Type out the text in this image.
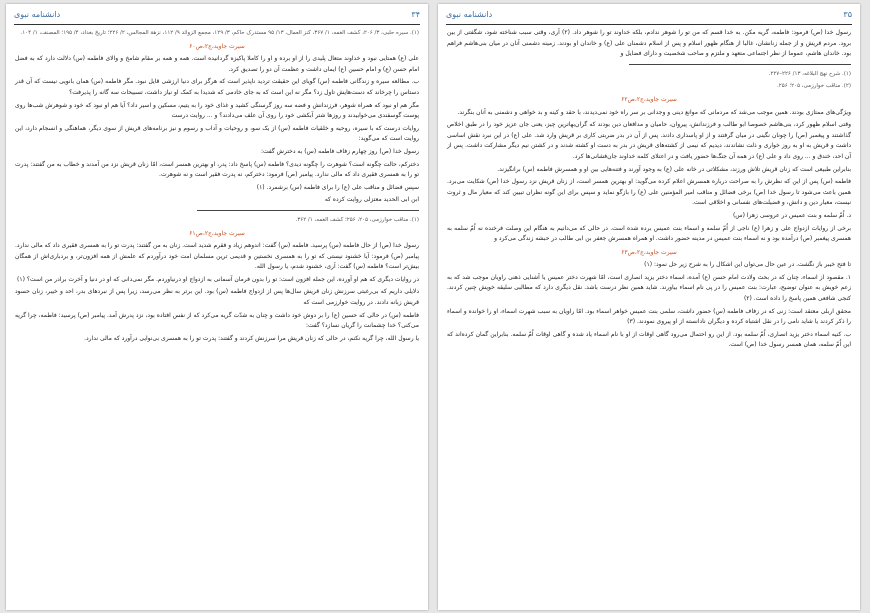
۳۴
دانشنامه نبوی

(۱). سیره حلبی، ۳/ ۲۰۶، کشف الغمه، ۱/ ۳۶۷، کنز العمال، ۱۳/ ۹۵ مستدرک حاکم، ۳/ ۱۲۹، مجمع الزوائد ۹/ ۱۱۲، نزهة المجالس، ۲/ ۲۲۶؛ تاریخ بغداد، ۴/ ۱۹۵؛ المصنف، ۱/ ۱۰۴.

سیرت جاوید،ج۲،ص۶۰

علی (ع) همتایی نبود و خداوند متعال پلیدی را از او برده و او را کاملا پاکیزه گردانیده است. همه و همه بر مقام شامخ و والای فاطمه (س) دلالت دارد که به فضل امام حسن (ع) و امام حسین (ع) ایمان داشت و عظمت آن دو را تصدیق کرد.

ب. مطالعه سیره و زندگانی فاطمه (س) گویای این حقیقت تردید ناپذیر است که هرگز برای دنیا ارزشی قایل نبود. مگر فاطمه (س) همان بانویی نیست که آن قدر دستاس را چرخاند که دست‌هایش تاول زد؟ مگر نه این است که به جای خادمی که شدیدا به کمک او نیاز داشت، تسبیحات سه گانه را پذیرفت؟

مگر هم او نبود که همراه شوهر، فرزندانش و فضه سه روز گرسنگی کشید و غذای خود را به یتیم، مسکین و اسیر داد؟ آیا هم او نبود که خود و شوهرش شب‌ها روی پوست گوسفندی می‌خوابیدند و روزها شتر آبکشی خود را روی آن علف می‌دادند؟ و ... روایت درست

روایات درست که با سیره، روحیه و خلقیات فاطمه (س) از یک سو، و روحیات و آداب و رسوم و نیز برنامه‌های قریش از سوی دیگر، هماهنگی و انسجام دارد، این روایت است که می‌گوید:

رسول خدا (ص) روز چهارم زفاف فاطمه (س) به دخترش گفت:

دخترکم، حالت چگونه است؟ شوهرت را چگونه دیدی؟ فاطمه (س) پاسخ داد: پدر، او بهترین همسر است، امّا زنان قریش نزد من آمدند و خطاب به من گفتند: پدرت تو را به همسری فقیری داد که مالی ندارد. پیامبر (ص) فرمود: دخترکم، نه پدرت فقیر است و نه شوهرت.

سپس فضائل و مناقب علی (ع) را برای فاطمه (س) برشمرد. (۱)

ابن ابی الحدید معتزلی روایت کرده که

(۱). مناقب خوارزمی، ۲۰۵، ۲۵۶؛ کشف الغمه، ۱/ ۳۶۲.

سیرت جاوید،ج۲،ص۶۱

رسول خدا (ص) از حال فاطمه (س) پرسید. فاطمه (س) گفت: اندوهم زیاد و فقرم شدید است. زنان به من گفتند: پدرت تو را به همسری فقیری داد که مالی ندارد. پیامبر (ص) فرمود: آیا خشنود نیستی که تو را به همسری نخستین و قدیمی ترین مسلمان امت خود درآوردم که علمش از همه افزون‌تر، و بردباری‌اش از همگان بیش‌تر است؟ فاطمه (س) گفت: آری، خشنود شدم، یا رسول الله.

در روایات دیگری که هم او آورده، این جمله افزون است: تو را بدون فرمان آسمانی به ازدواج او درنیاوردم. مگر نمی‌دانی که او در دنیا و آخرت برادر من است؟ (۱)

دلایلی داریم که بی‌رغبتی سرزنش زنان قریش سال‌ها پس از ازدواج فاطمه (س) بود. این برتر به نظر می‌رسد، زیرا پس از نبردهای بدر، احد و خیبر، زنان حسود قریش زبانه دادند. در روایت خوارزمی است که

فاطمه (س) در حالی که حسین (ع) را بر دوش خود داشت و چنان به شدّت گریه می‌کرد که از نفس افتاده بود، نزد پدرش آمد. پیامبر (ص) پرسید: فاطمه، چرا گریه می‌کنی؟ خدا چشمانت را گریان نسازد؟ گفت:

یا رسول الله، چرا گریه نکنم، در حالی که زنان قریش مرا سرزنش کردند و گفتند: پدرت تو را به همسری بی‌نوایی درآورد که مالی ندارد.

۳۵
دانشنامه نبوی

رسول خدا (ص) فرمود: فاطمه، گریه مکن. به خدا قسم که من تو را شوهر ندادم، بلکه خداوند تو را شوهر داد. (۲) آری، وقتی سبب شناخته شود، شگفتی از بین برود. مردم قریش و از جمله زنانشان، غالبا از هنگام ظهور اسلام و پس از اسلام دشمنان علی (ع) و خاندان او بودند. زمینه دشمنی آنان در میان بنی‌هاشم فراهم بود. خاندان هاشم، عموما از نظر اجتماعی متعهد و ملتزم و صاحب شخصیت و دارای فضایل و

(۱). شرح نهج البلاغه، ۱۳/ ۲۲۶–۲۲۷.

(۲). مناقب خوارزمی، ۲۰۵؛ ۲۵۶.

سیرت جاوید،ج۲،ص۶۲

ویژگی‌های ممتازی بودند. همین موجب می‌شد که مردمانی که موانع دینی و وجدانی بر سر راه خود نمی‌دیدند، با حقد و کینه و بد خواهی و دشمنی به آنان بنگرند.

وقتی اسلام ظهور کرد، بنی‌هاشم خصوصا ابو طالب و فرزندانش، پیروان، حامیان و مدافعان دین بودند که گران‌بهاترین چیز، یعنی جان عزیز خود را در طبق اخلاص گذاشتند و پیغمبر (ص) را چونان نگینی در میان گرفتند و از او پاسداری دادند. پس از آن در بدر ضربتی کاری بر قریش وارد شد. علی (ع) در این نبرد نقش اساسی داشت و قریش به او به روز خواری و ذلت نشاندند، دیدیم که نیمی از کشته‌های قریش در بدر به دست او کشته شدند و در کشتن نیم دیگر مشارکت داشت. پس از آن احد، خندق و ... روی داد و علی (ع) در همه آن جنگ‌ها حضور یافت و در اعتلای کلمه خداوند جان‌فشانی‌ها کرد.

بنابراین طبیعی است که زنان قریش تلاش ورزند، مشکلاتی در خانه علی (ع) به وجود آورند و فتنه‌هایی بین او و همسرش فاطمه (س) برانگیزند.

فاطمه (س) پس از این که نظرش را به صراحت درباره همسرش اعلام کرده می‌گوید: او بهترین همسر است، از زنان قریش نزد رسول خدا (ص) شکایت می‌برد. همین باعث می‌شود تا رسول خدا (ص) برخی فضائل و مناقب امیر المؤمنین علی (ع) را بازگو نماید و سپس برای این گونه نظران تبیین کند که معیار مال و ثروت نیست، معیار دین و دانش، و فضیلت‌های نفسانی و اخلاقی است.

د. اُمّ سلمه و بنت عمیس در عروسی زهرا (س)

برخی از روایات ازدواج علی و زهرا (ع) ناجی از اُمّ سلمه و اسماء بنت عمیس برده شده است. در حالی که می‌دانیم به هنگام این وصلت فرخنده نه اُمّ سلمه به همسری پیغمبر (ص) درآمده بود و نه اسماء بنت عمیس در مدینه حضور داشت. او همراه همسرش جعفر بن ابی طالب در حبشه زندگی می‌کرد و

سیرت جاوید،ج۲،ص۶۳

تا فتح خیبر باز نگشت. در عین حال می‌توان این اشکال را به شرح زیر حل نمود: (۱)

۱. مقصود از اسماء، چنان که در بحث ولادت امام حسن (ع) آمده، اسماء دختر یزید انصاری است، امّا شهرت دختر عمیس یا آشنایی ذهنی راویان موجب شد که به زعم خویش به عنوان توضیح، عبارت: بنت عمیس را در پی نام اسماء بیاورند. شاید همین نظر درست باشد. نقل دیگری دارد که مطالبی سلیقه خویش چنین کردند. کنجی شافعی همین پاسخ را داده است. (۲)

محقق اربلی معتقد است: زنی که در زفاف فاطمه (س) حضور داشت، سلمی بنت عمیس خواهر اسماء بود. امّا راویان به سبب شهرت اسماء، او را خوانده و اسماء را ذکر کردند یا شاید نامی را در نقل اشتباه کرده و دیگران نادانسته از او پیروی نمودند. (۳)

ب. کنیه اسماء دختر یزید انصاری، اُمّ سلمه بود. از این رو احتمال می‌رود گاهی اوقات از او با نام اسماء یاد شده و گاهی اوقات اُمّ سلمه. بنابراین گمان کرده‌اند که این اُمّ سلمه، همان همسر رسول خدا (ص) است.
